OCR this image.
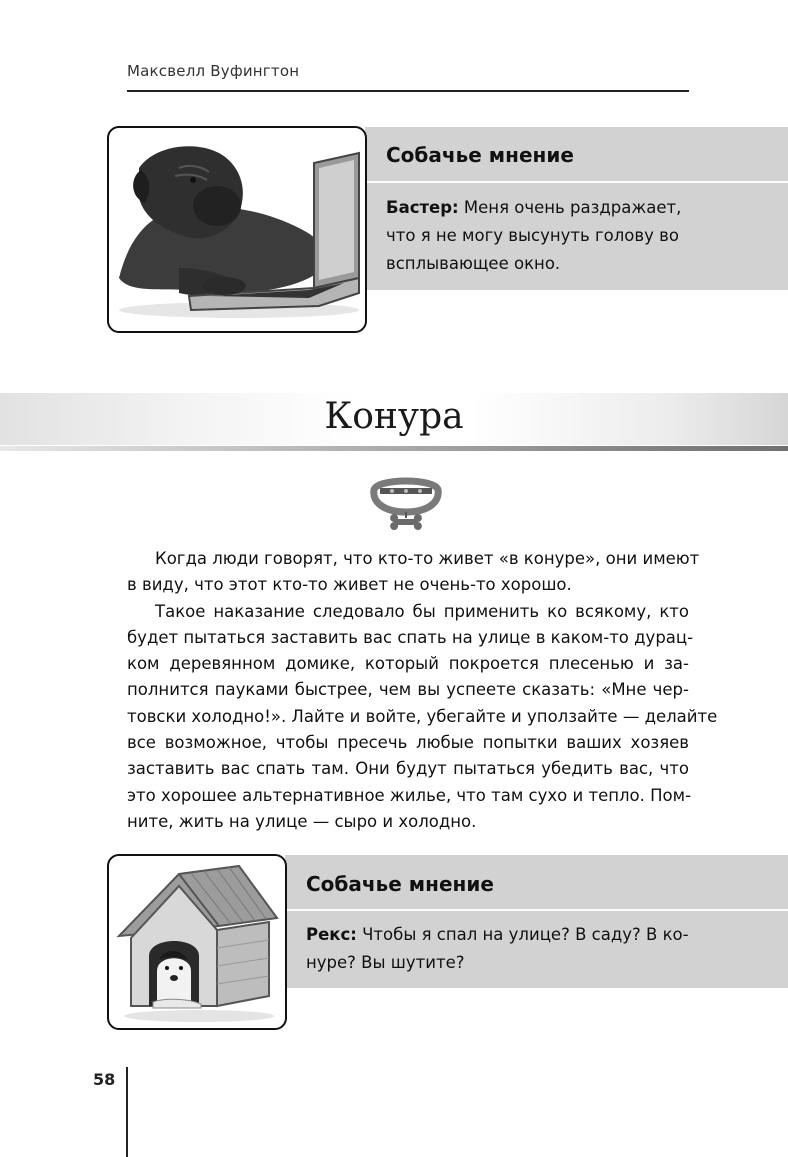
Максвелл Вуфингтон
Собачье мнение
Бастер: Меня очень раздражает,
что я не могу высунуть голову во
всплывающее окно.
Конура
Когда люди говорят, что кто-то живет «в конуре», они имеют
в виду, что этот кто-то живет не очень-то хорошо.
Такое наказание следовало бы применить ко всякому, кто
будет пытаться заставить вас спать на улице в каком-то дурац-
ком деревянном домике, который покроется плесенью и за-
полнится пауками быстрее, чем вы успеете сказать: «Мне чер-
товски холодно!». Лайте и войте, убегайте и уползайте — делайте
все возможное, чтобы пресечь любые попытки ваших хозяев
заставить вас спать там. Они будут пытаться убедить вас, что
это хорошее альтернативное жилье, что там сухо и тепло. Пом-
ните, жить на улице — сыро и холодно.
Собачье мнение
Рекс: Чтобы я спал на улице? В саду? В ко-
нуре? Вы шутите?
58
